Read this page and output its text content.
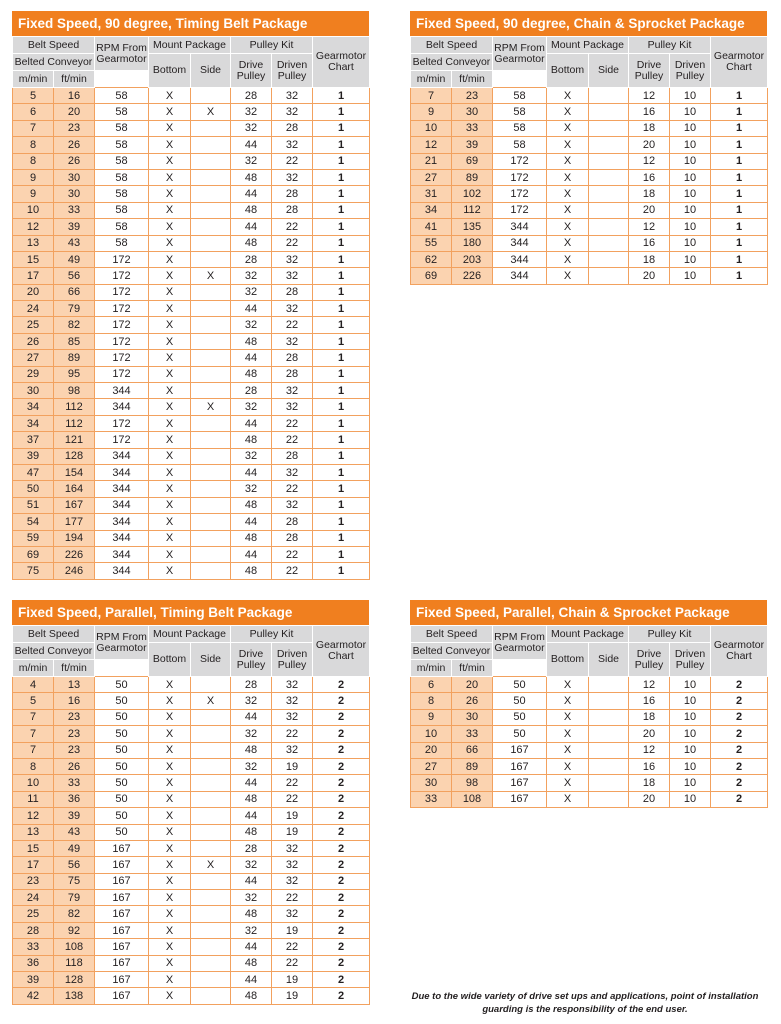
Fixed Speed, 90 degree, Timing Belt Package
Belt Speed		RPM From Gearmotor	Mount Package		Pulley Kit		Gearmotor Chart
Belted Conveyor			Bottom	Side	Drive Pulley	Driven Pulley	
m/min	ft/min						
5	16	58	X		28	32	1
6	20	58	X	X	32	32	1
7	23	58	X		32	28	1
8	26	58	X		44	32	1
8	26	58	X		32	22	1
9	30	58	X		48	32	1
9	30	58	X		44	28	1
10	33	58	X		48	28	1
12	39	58	X		44	22	1
13	43	58	X		48	22	1
15	49	172	X		28	32	1
17	56	172	X	X	32	32	1
20	66	172	X		32	28	1
24	79	172	X		44	32	1
25	82	172	X		32	22	1
26	85	172	X		48	32	1
27	89	172	X		44	28	1
29	95	172	X		48	28	1
30	98	344	X		28	32	1
34	112	344	X	X	32	32	1
34	112	172	X		44	22	1
37	121	172	X		48	22	1
39	128	344	X		32	28	1
47	154	344	X		44	32	1
50	164	344	X		32	22	1
51	167	344	X		48	32	1
54	177	344	X		44	28	1
59	194	344	X		48	28	1
69	226	344	X		44	22	1
75	246	344	X		48	22	1
Fixed Speed, 90 degree, Chain & Sprocket Package
Belt Speed		RPM From Gearmotor	Mount Package		Pulley Kit		Gearmotor Chart
Belted Conveyor			Bottom	Side	Drive Pulley	Driven Pulley	
m/min	ft/min						
7	23	58	X		12	10	1
9	30	58	X		16	10	1
10	33	58	X		18	10	1
12	39	58	X		20	10	1
21	69	172	X		12	10	1
27	89	172	X		16	10	1
31	102	172	X		18	10	1
34	112	172	X		20	10	1
41	135	344	X		12	10	1
55	180	344	X		16	10	1
62	203	344	X		18	10	1
69	226	344	X		20	10	1
Fixed Speed, Parallel, Timing Belt Package
Belt Speed		RPM From Gearmotor	Mount Package		Pulley Kit		Gearmotor Chart
Belted Conveyor			Bottom	Side	Drive Pulley	Driven Pulley	
m/min	ft/min						
4	13	50	X		28	32	2
5	16	50	X	X	32	32	2
7	23	50	X		44	32	2
7	23	50	X		32	22	2
7	23	50	X		48	32	2
8	26	50	X		32	19	2
10	33	50	X		44	22	2
11	36	50	X		48	22	2
12	39	50	X		44	19	2
13	43	50	X		48	19	2
15	49	167	X		28	32	2
17	56	167	X	X	32	32	2
23	75	167	X		44	32	2
24	79	167	X		32	22	2
25	82	167	X		48	32	2
28	92	167	X		32	19	2
33	108	167	X		44	22	2
36	118	167	X		48	22	2
39	128	167	X		44	19	2
42	138	167	X		48	19	2
Fixed Speed, Parallel, Chain & Sprocket Package
Belt Speed		RPM From Gearmotor	Mount Package		Pulley Kit		Gearmotor Chart
Belted Conveyor			Bottom	Side	Drive Pulley	Driven Pulley	
m/min	ft/min						
6	20	50	X		12	10	2
8	26	50	X		16	10	2
9	30	50	X		18	10	2
10	33	50	X		20	10	2
20	66	167	X		12	10	2
27	89	167	X		16	10	2
30	98	167	X		18	10	2
33	108	167	X		20	10	2

Due to the wide variety of drive set ups and applications, point of installation guarding is the responsibility of the end user.
